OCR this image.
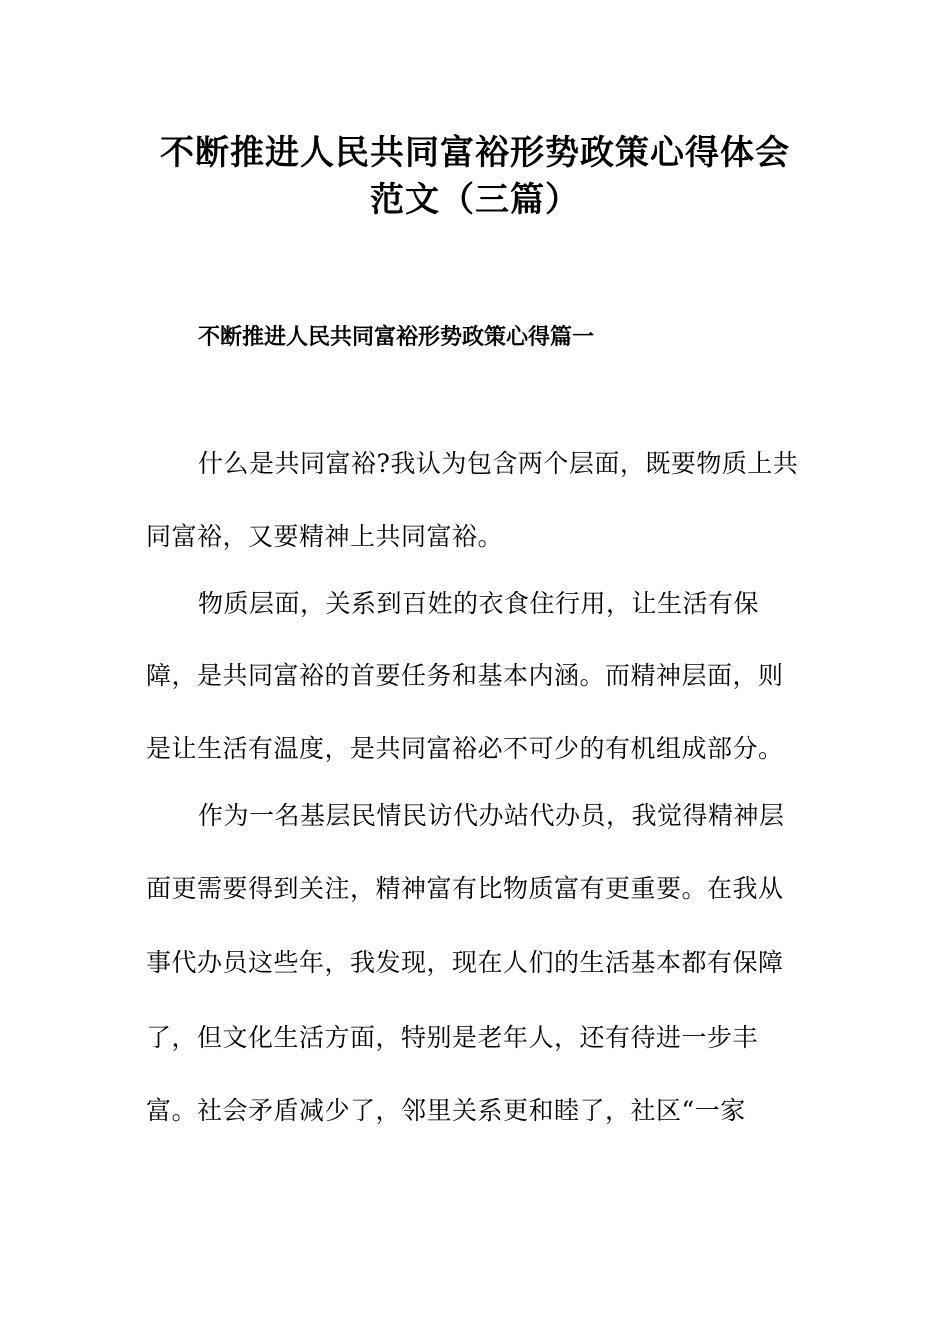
不断推进人民共同富裕形势政策心得体会
范文（三篇）
不断推进人民共同富裕形势政策心得篇一
什么是共同富裕?我认为包含两个层面，既要物质上共
同富裕，又要精神上共同富裕。
物质层面，关系到百姓的衣食住行用，让生活有保
障，是共同富裕的首要任务和基本内涵。而精神层面，则
是让生活有温度，是共同富裕必不可少的有机组成部分。
作为一名基层民情民访代办站代办员，我觉得精神层
面更需要得到关注，精神富有比物质富有更重要。在我从
事代办员这些年，我发现，现在人们的生活基本都有保障
了，但文化生活方面，特别是老年人，还有待进一步丰
富。社会矛盾减少了，邻里关系更和睦了，社区“一家
